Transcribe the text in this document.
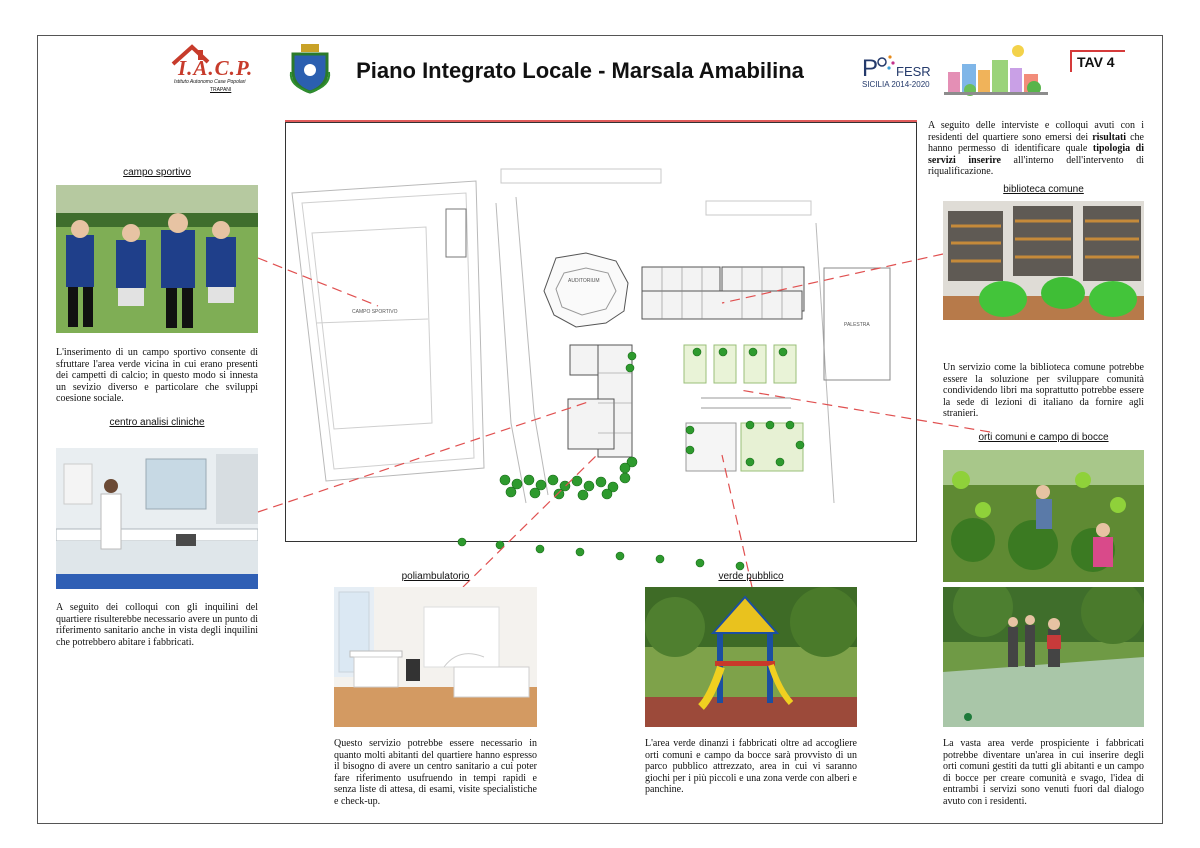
I.A.C.P.
Istituto Autonomo Case Popolari
TRAPANI
Piano Integrato Locale - Marsala Amabilina	P FESR
SICILIA 2014-2020
TAV 4
campo sportivo
L'inserimento di un campo sportivo consente di sfruttare l'area verde vicina in cui erano presenti dei campetti di calcio; in questo modo si innesta un sevizio diverso e particolare che sviluppi coesione sociale.
centro analisi cliniche
A seguito dei colloqui con gli inquilini del quartiere risulterebbe necessario avere un punto di riferimento sanitario anche in vista degli inquilini che potrebbero abitare i fabbricati.
CAMPO SPORTIVO
AUDITORIUM
PALESTRA
poliambulatorio
Questo servizio potrebbe essere necessario in quanto molti abitanti del quartiere hanno espresso il bisogno di avere un centro sanitario a cui poter fare riferimento usufruendo in tempi rapidi e senza liste di attesa, di esami, visite specialistiche e check-up.
verde pubblico
L'area verde dinanzi i fabbricati oltre ad accogliere orti comuni e campo da bocce sarà provvisto di un parco pubblico attrezzato, area in cui vi saranno giochi per i più piccoli e una zona verde con alberi e panchine.
A seguito delle interviste e colloqui avuti con i residenti del quartiere sono emersi dei risultati che hanno permesso di identificare quale tipologia di servizi inserire all'interno dell'intervento di riqualificazione.
biblioteca comune
Un servizio come la biblioteca comune potrebbe essere la soluzione per sviluppare comunità condividendo libri ma soprattutto potrebbe essere la sede di lezioni di italiano da fornire agli stranieri.
orti comuni e campo di bocce
La vasta area verde prospiciente i fabbricati potrebbe diventare un'area in cui inserire degli orti comuni gestiti da tutti gli abitanti e un campo di bocce per creare comunità e svago, l'idea di entrambi i servizi sono venuti fuori dal dialogo avuto con i residenti.
